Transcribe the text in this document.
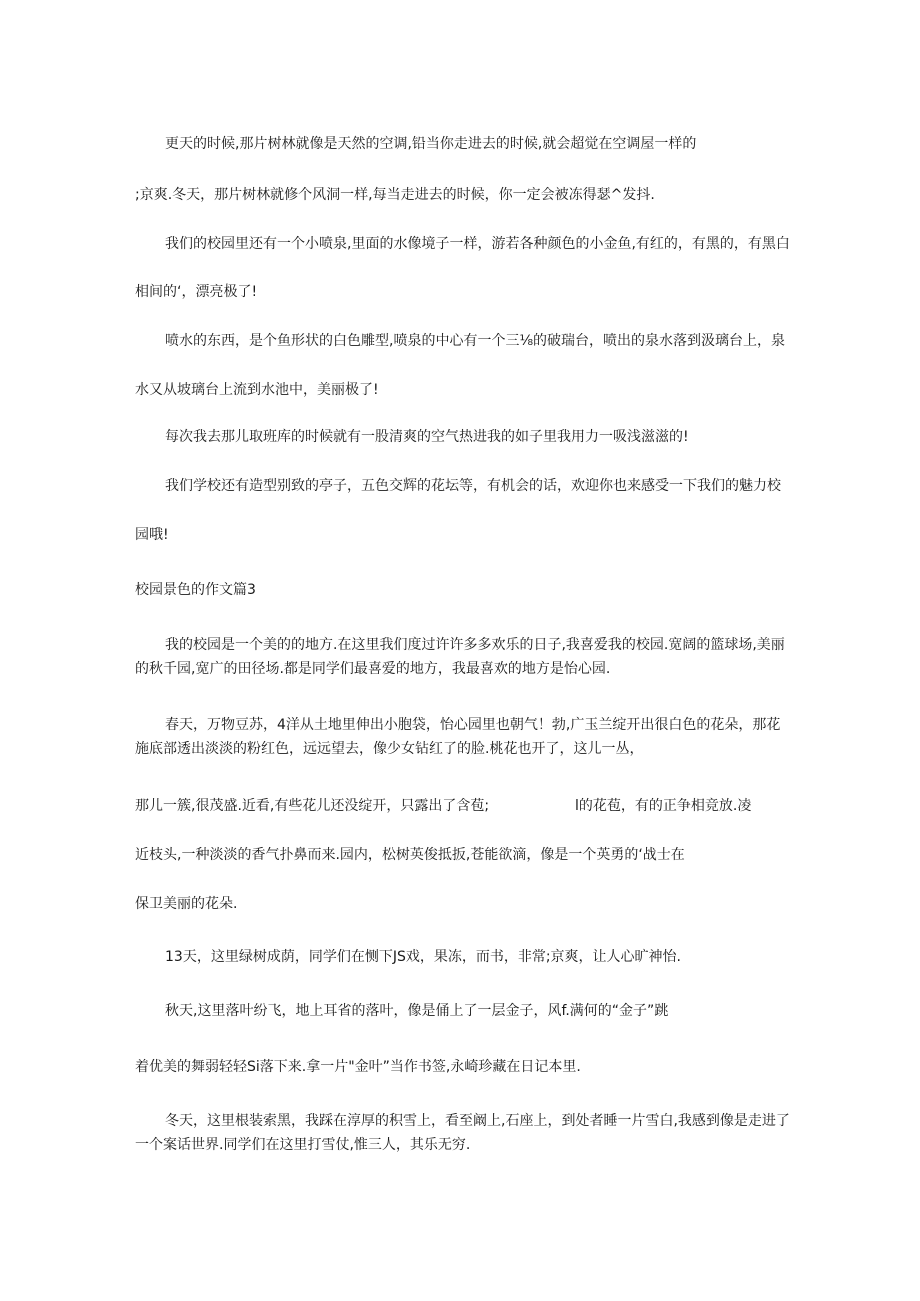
更天的时候,那片树林就像是天然的空调,铅当你走进去的时候,就会超觉在空调屋一样的
;京爽.冬天，那片树林就修个风洞一样,每当走进去的时候，你一定会被冻得瑟^发抖.
我们的校园里还有一个小喷泉,里面的水像境子一样，游若各种颜色的小金鱼,有红的，有黑的，有黑白
相间的‘，漂亮极了!
喷水的东西，是个鱼形状的白色雕型,喷泉的中心有一个三⅛的破瑞台，喷出的泉水落到汲璃台上，泉
水又从坡璃台上流到水池中，美丽极了!
每次我去那儿取班库的时候就有一股清爽的空气热进我的如子里我用力一吸浅滋滋的!
我们学校还有造型别致的亭子，五色交辉的花坛等，有机会的话，欢迎你也来感受一下我们的魅力校
园哦!
校园景色的作文篇3
我的校园是一个美的的地方.在这里我们度过许许多多欢乐的日子,我喜爱我的校园.宽阔的篮球场,美丽
的秋千园,宽广的田径场.都是同学们最喜爱的地方，我最喜欢的地方是怡心园.
春天，万物豆苏，4洋从土地里伸出小胞袋，怡心园里也朝气！勃,广玉兰绽开出很白色的花朵，那花
施底部透出淡淡的粉红色，远远望去，像少女钻红了的脸.桃花也开了，这儿一丛，
那儿一簇,很茂盛.近看,有些花儿还没绽开，只露出了含苞;	l的花苞，有的正争相竞放.凌
近枝头,一种淡淡的香气扑鼻而来.园内，松树英俊抵扳,苍能欲滴，像是一个英勇的‘战士在
保卫美丽的花朵.
13天，这里绿树成荫，同学们在恻下JS戏，果冻，而书，非常;京爽，让人心旷神怡.
秋天,这里落叶纷飞，地上耳省的落叶，像是俑上了一层金子，风f.满何的“金子”跳
着优美的舞弱轻轻Si落下来.拿一片"金叶”当作书签,永崎珍藏在日记本里.
冬天，这里根装索黑，我踩在淳厚的积雪上，看至阚上,石座上，到处者睡一片雪白,我感到像是走进了
一个案话世界.同学们在这里打雪仗,惟三人，其乐无穷.
